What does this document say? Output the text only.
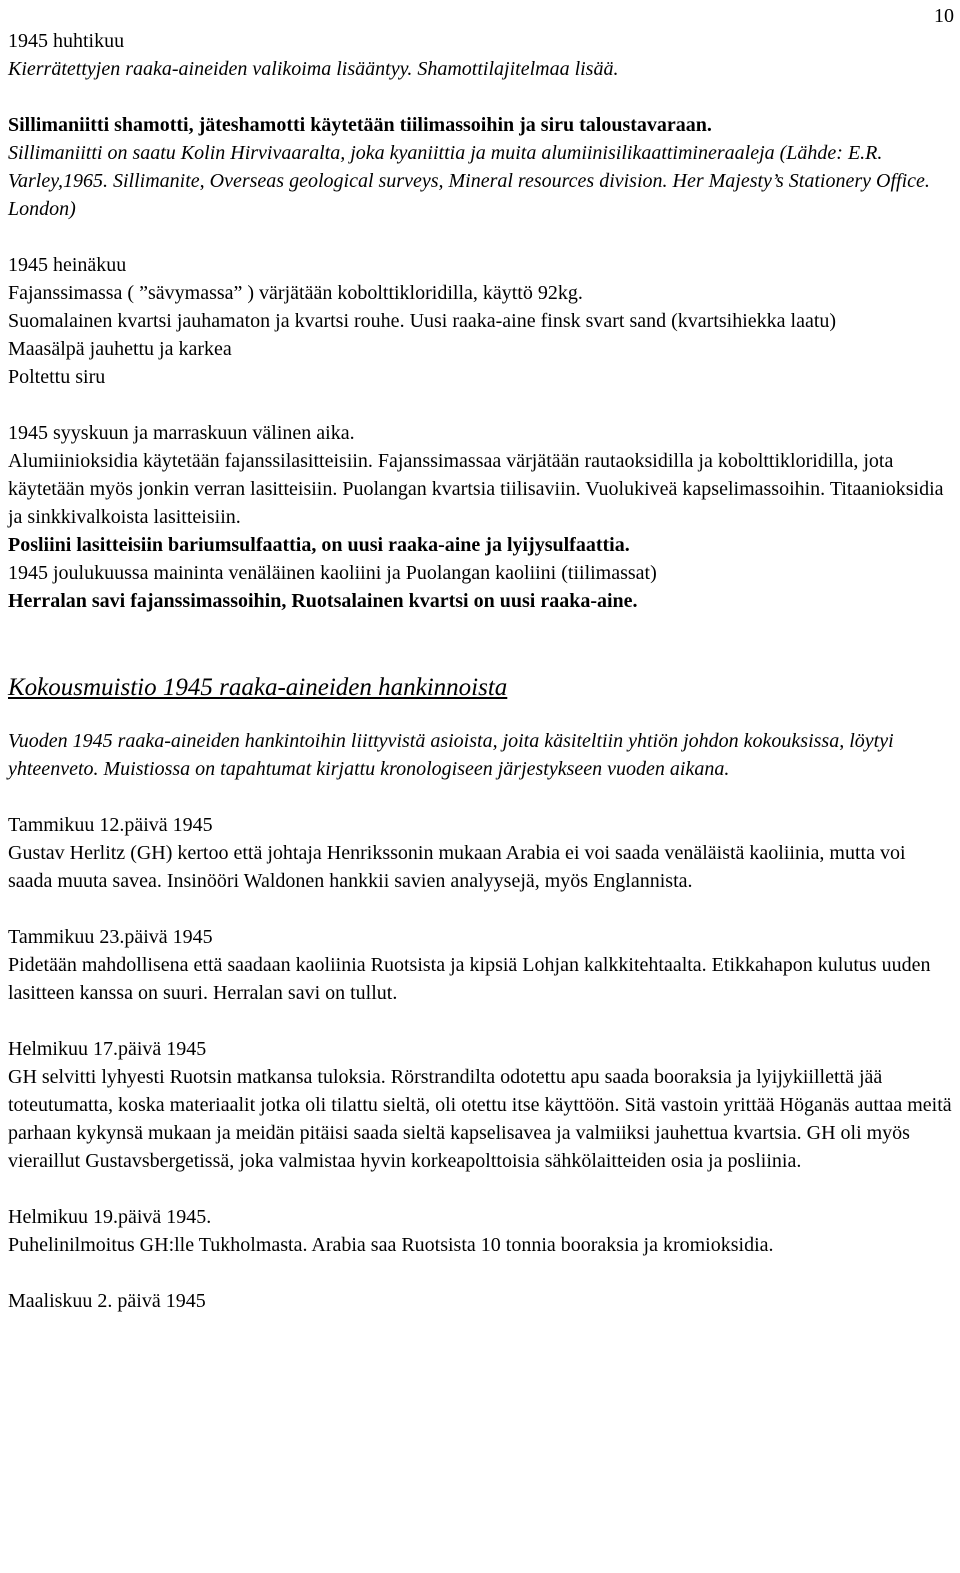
10

1945 huhtikuu

Kierrätettyjen raaka-aineiden valikoima lisääntyy. Shamottilajitelmaa lisää.

Sillimaniitti shamotti, jäteshamotti käytetään tiilimassoihin ja siru taloustavaraan.

Sillimaniitti on saatu Kolin Hirvivaaralta, joka kyaniittia ja muita alumiinisilikaattimineraaleja (Lähde: E.R. Varley,1965. Sillimanite, Overseas geological surveys, Mineral resources division. Her Majesty’s Stationery Office. London)

1945 heinäkuu

Fajanssimassa ( ”sävymassa” ) värjätään kobolttikloridilla, käyttö 92kg.

Suomalainen kvartsi jauhamaton ja kvartsi rouhe. Uusi raaka-aine finsk svart sand (kvartsihiekka laatu)

Maasälpä jauhettu ja karkea

Poltettu siru

1945 syyskuun ja marraskuun välinen aika.

Alumiinioksidia käytetään fajanssilasitteisiin. Fajanssimassaa värjätään rautaoksidilla ja kobolttikloridilla, jota käytetään myös jonkin verran lasitteisiin. Puolangan kvartsia tiilisaviin. Vuolukiveä kapselimassoihin. Titaanioksidia ja sinkkivalkoista lasitteisiin.

Posliini lasitteisiin bariumsulfaattia, on uusi raaka-aine ja lyijysulfaattia.

1945 joulukuussa maininta venäläinen kaoliini ja Puolangan kaoliini (tiilimassat)

Herralan savi fajanssimassoihin, Ruotsalainen kvartsi on uusi raaka-aine.

Kokousmuistio 1945 raaka-aineiden hankinnoista

Vuoden 1945 raaka-aineiden hankintoihin liittyvistä asioista, joita käsiteltiin yhtiön johdon kokouksissa, löytyi yhteenveto. Muistiossa on tapahtumat kirjattu kronologiseen järjestykseen vuoden aikana.

Tammikuu 12.päivä 1945

Gustav Herlitz (GH) kertoo että johtaja Henrikssonin mukaan Arabia ei voi saada venäläistä kaoliinia, mutta voi saada muuta savea. Insinööri Waldonen hankkii savien analyysejä, myös Englannista.

Tammikuu 23.päivä 1945

Pidetään mahdollisena että saadaan kaoliinia Ruotsista ja kipsiä Lohjan kalkkitehtaalta. Etikkahapon kulutus uuden lasitteen kanssa on suuri. Herralan savi on tullut.

Helmikuu 17.päivä 1945

GH selvitti lyhyesti Ruotsin matkansa tuloksia. Rörstrandilta odotettu apu saada booraksia ja lyijykiillettä jää toteutumatta, koska materiaalit jotka oli tilattu sieltä, oli otettu itse käyttöön. Sitä vastoin yrittää Höganäs auttaa meitä parhaan kykynsä mukaan ja meidän pitäisi saada sieltä kapselisavea ja valmiiksi jauhettua kvartsia. GH oli myös vieraillut Gustavsbergetissä, joka valmistaa hyvin korkeapolttoisia sähkölaitteiden osia ja posliinia.

Helmikuu 19.päivä 1945.

Puhelinilmoitus GH:lle Tukholmasta. Arabia saa Ruotsista 10 tonnia booraksia ja kromioksidia.

Maaliskuu 2. päivä 1945
